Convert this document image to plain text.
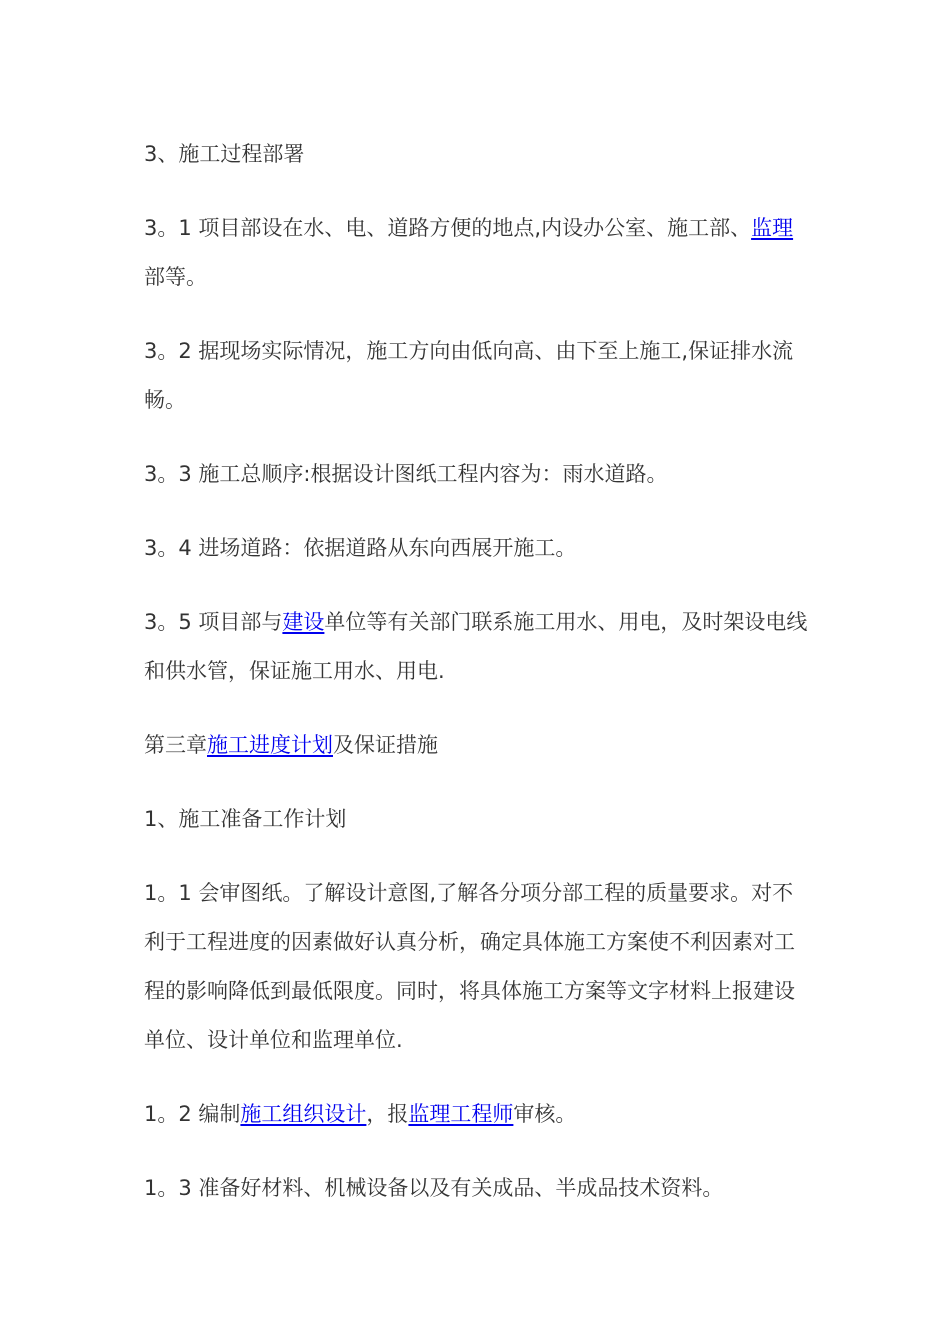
3、施工过程部署
3。1 项目部设在水、电、道路方便的地点,内设办公室、施工部、监理部等。
3。2 据现场实际情况，施工方向由低向高、由下至上施工,保证排水流畅。
3。3 施工总顺序:根据设计图纸工程内容为：雨水道路。
3。4 进场道路：依据道路从东向西展开施工。
3。5 项目部与建设单位等有关部门联系施工用水、用电，及时架设电线和供水管，保证施工用水、用电.
第三章施工进度计划及保证措施
1、施工准备工作计划
1。1 会审图纸。了解设计意图,了解各分项分部工程的质量要求。对不利于工程进度的因素做好认真分析，确定具体施工方案使不利因素对工程的影响降低到最低限度。同时，将具体施工方案等文字材料上报建设单位、设计单位和监理单位.
1。2 编制施工组织设计，报监理工程师审核。
1。3 准备好材料、机械设备以及有关成品、半成品技术资料。
